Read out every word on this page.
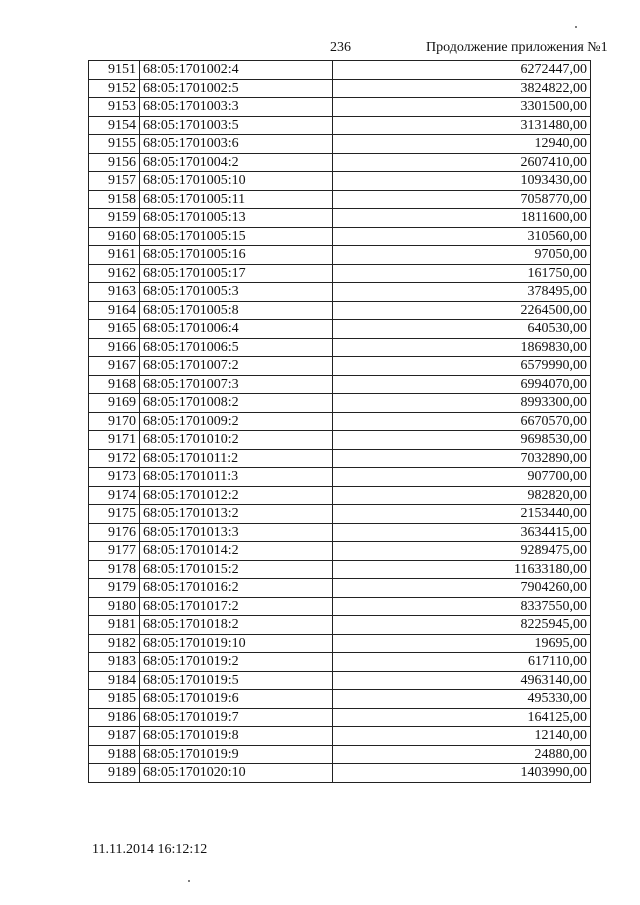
236	Продолжение приложения №1
9151	68:05:1701002:4	6272447,00
9152	68:05:1701002:5	3824822,00
9153	68:05:1701003:3	3301500,00
9154	68:05:1701003:5	3131480,00
9155	68:05:1701003:6	12940,00
9156	68:05:1701004:2	2607410,00
9157	68:05:1701005:10	1093430,00
9158	68:05:1701005:11	7058770,00
9159	68:05:1701005:13	1811600,00
9160	68:05:1701005:15	310560,00
9161	68:05:1701005:16	97050,00
9162	68:05:1701005:17	161750,00
9163	68:05:1701005:3	378495,00
9164	68:05:1701005:8	2264500,00
9165	68:05:1701006:4	640530,00
9166	68:05:1701006:5	1869830,00
9167	68:05:1701007:2	6579990,00
9168	68:05:1701007:3	6994070,00
9169	68:05:1701008:2	8993300,00
9170	68:05:1701009:2	6670570,00
9171	68:05:1701010:2	9698530,00
9172	68:05:1701011:2	7032890,00
9173	68:05:1701011:3	907700,00
9174	68:05:1701012:2	982820,00
9175	68:05:1701013:2	2153440,00
9176	68:05:1701013:3	3634415,00
9177	68:05:1701014:2	9289475,00
9178	68:05:1701015:2	11633180,00
9179	68:05:1701016:2	7904260,00
9180	68:05:1701017:2	8337550,00
9181	68:05:1701018:2	8225945,00
9182	68:05:1701019:10	19695,00
9183	68:05:1701019:2	617110,00
9184	68:05:1701019:5	4963140,00
9185	68:05:1701019:6	495330,00
9186	68:05:1701019:7	164125,00
9187	68:05:1701019:8	12140,00
9188	68:05:1701019:9	24880,00
9189	68:05:1701020:10	1403990,00
11.11.2014 16:12:12
